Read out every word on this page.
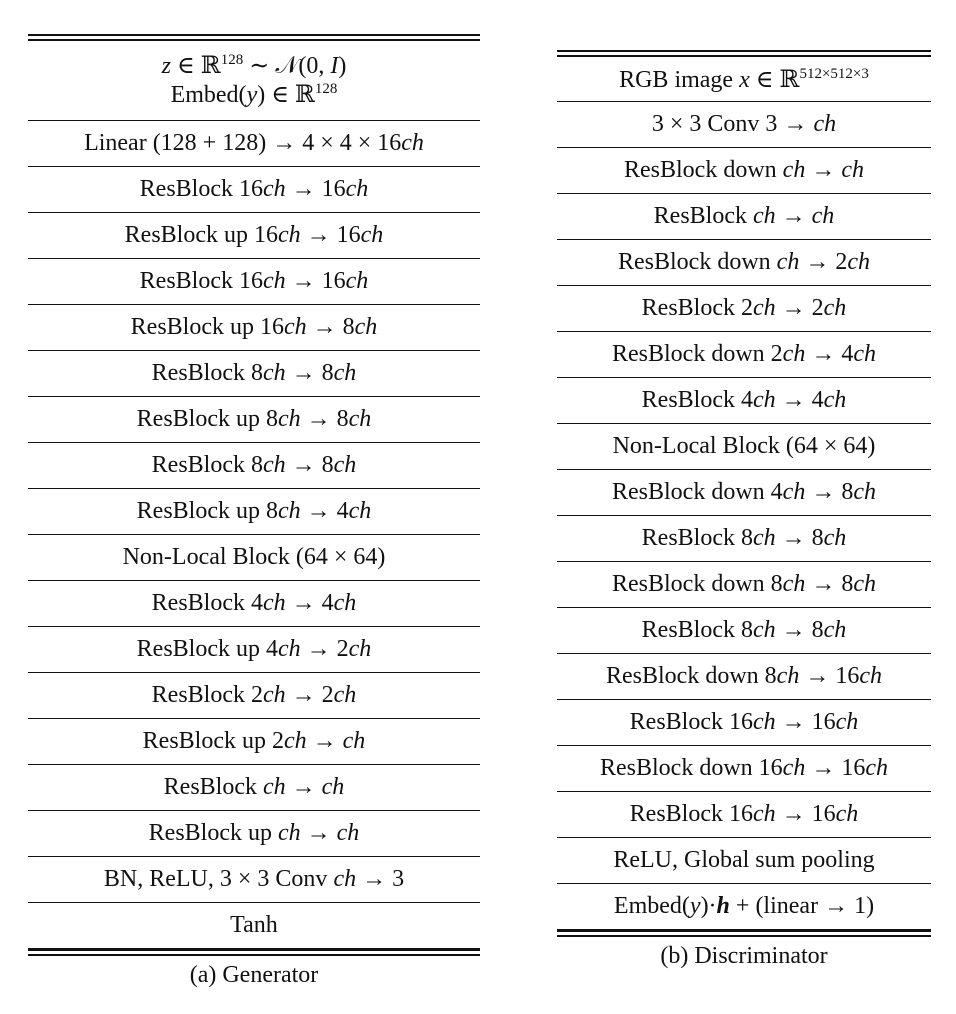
z ∈ ℝ$^{128}$ ∼ 𝒩(0, I)
Embed(y) ∈ ℝ$^{128}$

Linear (128 + 128) → 4 × 4 × 16ch
ResBlock 16ch → 16ch
ResBlock up 16ch → 16ch
ResBlock 16ch → 16ch
ResBlock up 16ch → 8ch
ResBlock 8ch → 8ch
ResBlock up 8ch → 8ch
ResBlock 8ch → 8ch
ResBlock up 8ch → 4ch
Non-Local Block (64 × 64)
ResBlock 4ch → 4ch
ResBlock up 4ch → 2ch
ResBlock 2ch → 2ch
ResBlock up 2ch → ch
ResBlock ch → ch
ResBlock up ch → ch
BN, ReLU, 3 × 3 Conv ch → 3
Tanh
(a) Generator
RGB image x ∈ ℝ$^{512\times 512\times 3}$
3 × 3 Conv 3 → ch
ResBlock down ch → ch
ResBlock ch → ch
ResBlock down ch → 2ch
ResBlock 2ch → 2ch
ResBlock down 2ch → 4ch
ResBlock 4ch → 4ch
Non-Local Block (64 × 64)
ResBlock down 4ch → 8ch
ResBlock 8ch → 8ch
ResBlock down 8ch → 8ch
ResBlock 8ch → 8ch
ResBlock down 8ch → 16ch
ResBlock 16ch → 16ch
ResBlock down 16ch → 16ch
ResBlock 16ch → 16ch
ReLU, Global sum pooling
Embed(y)·h + (linear → 1)
(b) Discriminator
